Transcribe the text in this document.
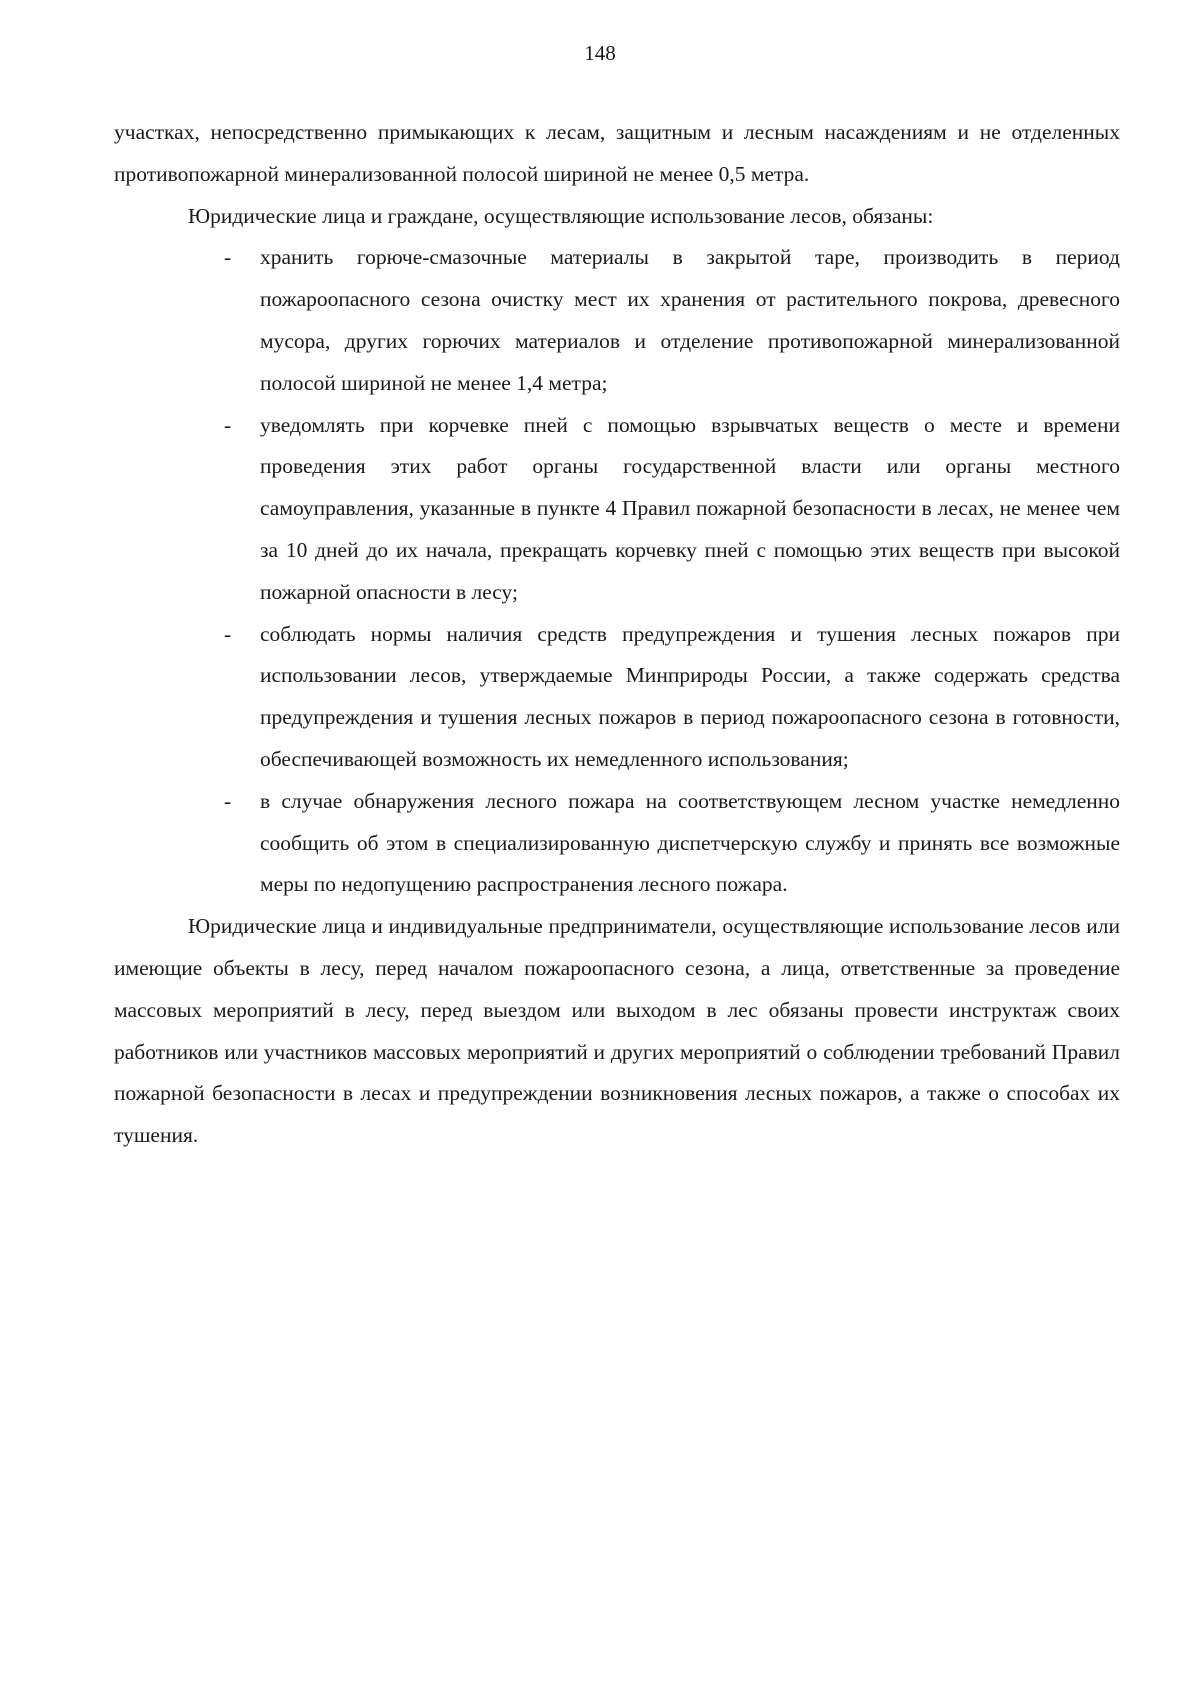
148

участках, непосредственно примыкающих к лесам, защитным и лесным насаждениям и не отделенных противопожарной минерализованной полосой шириной не менее 0,5 метра.

Юридические лица и граждане, осуществляющие использование лесов, обязаны:

- хранить горюче-смазочные материалы в закрытой таре, производить в период пожароопасного сезона очистку мест их хранения от растительного покрова, древесного мусора, других горючих материалов и отделение противопожарной минерализованной полосой шириной не менее 1,4 метра;
- уведомлять при корчевке пней с помощью взрывчатых веществ о месте и времени проведения этих работ органы государственной власти или органы местного самоуправления, указанные в пункте 4 Правил пожарной безопасности в лесах, не менее чем за 10 дней до их начала, прекращать корчевку пней с помощью этих веществ при высокой пожарной опасности в лесу;
- соблюдать нормы наличия средств предупреждения и тушения лесных пожаров при использовании лесов, утверждаемые Минприроды России, а также содержать средства предупреждения и тушения лесных пожаров в период пожароопасного сезона в готовности, обеспечивающей возможность их немедленного использования;
- в случае обнаружения лесного пожара на соответствующем лесном участке немедленно сообщить об этом в специализированную диспетчерскую службу и принять все возможные меры по недопущению распространения лесного пожара.

Юридические лица и индивидуальные предприниматели, осуществляющие использование лесов или имеющие объекты в лесу, перед началом пожароопасного сезона, а лица, ответственные за проведение массовых мероприятий в лесу, перед выездом или выходом в лес обязаны провести инструктаж своих работников или участников массовых мероприятий и других мероприятий о соблюдении требований Правил пожарной безопасности в лесах и предупреждении возникновения лесных пожаров, а также о способах их тушения.
